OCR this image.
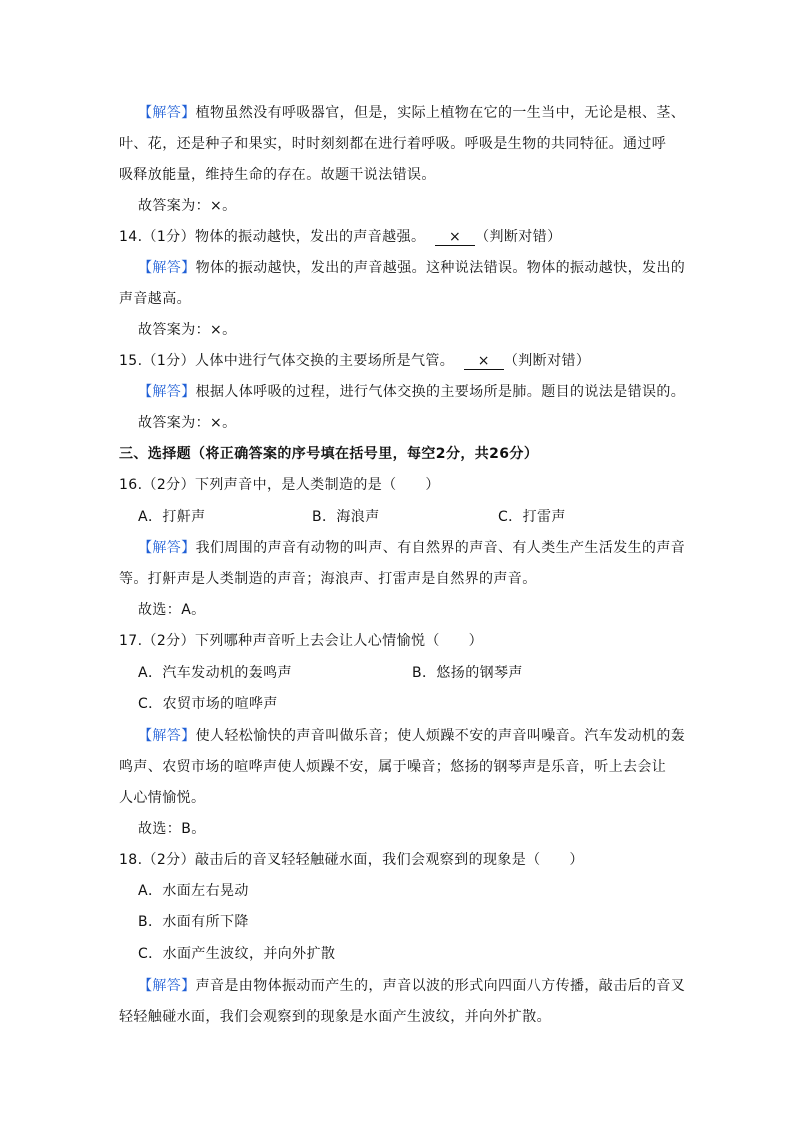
【解答】植物虽然没有呼吸器官，但是，实际上植物在它的一生当中，无论是根、茎、
叶、花，还是种子和果实，时时刻刻都在进行着呼吸。呼吸是生物的共同特征。通过呼
吸释放能量，维持生命的存在。故题干说法错误。
故答案为：×。
14.（1分）物体的振动越快，发出的声音越强。 × （判断对错）
【解答】物体的振动越快，发出的声音越强。这种说法错误。物体的振动越快，发出的
声音越高。
故答案为：×。
15.（1分）人体中进行气体交换的主要场所是气管。 × （判断对错）
【解答】根据人体呼吸的过程，进行气体交换的主要场所是肺。题目的说法是错误的。
故答案为：×。
三、选择题（将正确答案的序号填在括号里，每空2分，共26分）
16.（2分）下列声音中，是人类制造的是（　　）
A．打鼾声	B．海浪声	C．打雷声
【解答】我们周围的声音有动物的叫声、有自然界的声音、有人类生产生活发生的声音
等。打鼾声是人类制造的声音；海浪声、打雷声是自然界的声音。
故选：A。
17.（2分）下列哪种声音听上去会让人心情愉悦（　　）
A．汽车发动机的轰鸣声	B．悠扬的钢琴声
C．农贸市场的喧哗声
【解答】使人轻松愉快的声音叫做乐音；使人烦躁不安的声音叫噪音。汽车发动机的轰
鸣声、农贸市场的喧哗声使人烦躁不安，属于噪音；悠扬的钢琴声是乐音，听上去会让
人心情愉悦。
故选：B。
18.（2分）敲击后的音叉轻轻触碰水面，我们会观察到的现象是（　　）
A．水面左右晃动
B．水面有所下降
C．水面产生波纹，并向外扩散
【解答】声音是由物体振动而产生的，声音以波的形式向四面八方传播，敲击后的音叉
轻轻触碰水面，我们会观察到的现象是水面产生波纹，并向外扩散。
